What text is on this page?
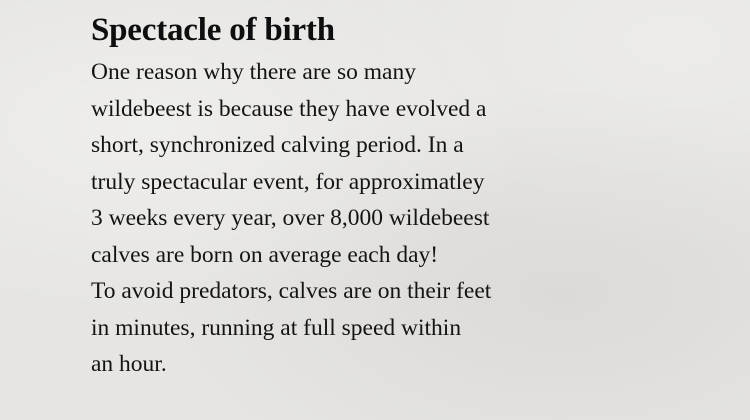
Spectacle of birth
One reason why there are so many
wildebeest is because they have evolved a
short, synchronized calving period. In a
truly spectacular event, for approximatley
3 weeks every year, over 8,000 wildebeest
calves are born on average each day!
To avoid predators, calves are on their feet
in minutes, running at full speed within
an hour.
